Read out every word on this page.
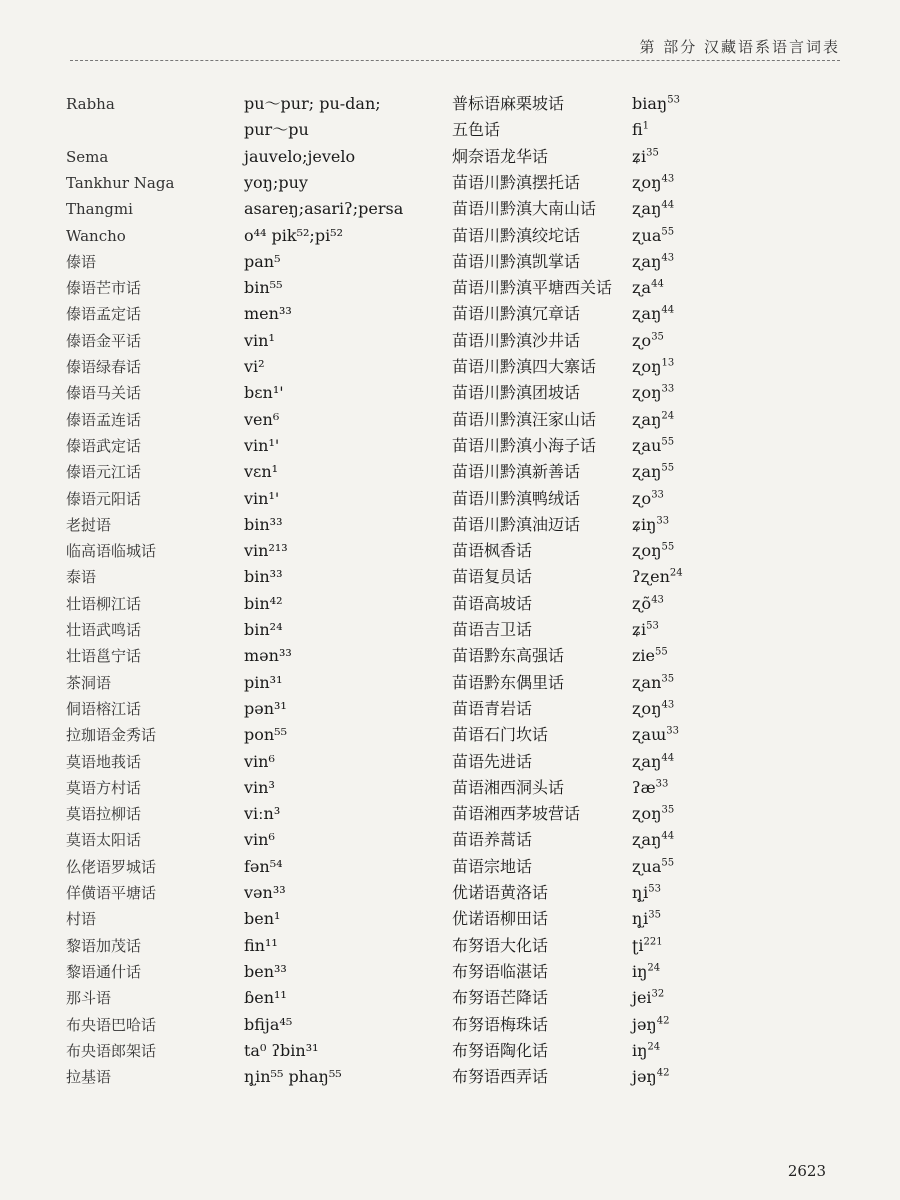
第 部分 汉藏语系语言词表
Rabha
Sema
Tankhur Naga
Thangmi
Wancho
傣语
傣语芒市话
傣语孟定话
傣语金平话
傣语绿春话
傣语马关话
傣语孟连话
傣语武定话
傣语元江话
傣语元阳话
老挝语
临高语临城话
泰语
壮语柳江话
壮语武鸣话
壮语邕宁话
茶洞语
侗语榕江话
拉珈语金秀话
莫语地莪话
莫语方村话
莫语拉柳话
莫语太阳话
仫佬语罗城话
佯僙语平塘话
村语
黎语加茂话
黎语通什话
那斗语
布央语巴哈话
布央语郎架话
拉基语
pu～pur; pu-dan;
pur～pu
jauvelo;jevelo
yoŋ;puy
asareŋ;asariʔ;persa
o⁴⁴ pik⁵²;pi⁵²
pan⁵
bin⁵⁵
men³³
vin¹
vi²
bɛn¹'
ven⁶
vin¹'
vɛn¹
vin¹'
bin³³
vin²¹³
bin³³
bin⁴²
bin²⁴
mən³³
pin³¹
pən³¹
pon⁵⁵
vin⁶
vin³
viːn³
vin⁶
fən⁵⁴
vən³³
ben¹
fin¹¹
ben³³
ɓen¹¹
bfija⁴⁵
ta⁰ ʔbin³¹
ɳ̥in⁵⁵ phaŋ⁵⁵
普标语麻栗坡话
五色话
炯奈语龙华话
苗语川黔滇摆托话
苗语川黔滇大南山话
苗语川黔滇绞坨话
苗语川黔滇凯掌话
苗语川黔滇平塘西关话
苗语川黔滇冗章话
苗语川黔滇沙井话
苗语川黔滇四大寨话
苗语川黔滇团坡话
苗语川黔滇汪家山话
苗语川黔滇小海子话
苗语川黔滇新善话
苗语川黔滇鸭绒话
苗语川黔滇油迈话
苗语枫香话
苗语复员话
苗语高坡话
苗语吉卫话
苗语黔东高强话
苗语黔东偶里话
苗语青岩话
苗语石门坎话
苗语先进话
苗语湘西洞头话
苗语湘西茅坡营话
苗语养蒿话
苗语宗地话
优诺语黄洛话
优诺语柳田话
布努语大化话
布努语临湛话
布努语芒降话
布努语梅珠话
布努语陶化话
布努语西弄话
biaŋ$^{53}$
$fi^1$
ʑi$^{35}$
ʐoŋ$^{43}$
ʐaŋ$^{44}$
ʐua$^{55}$
ʐaŋ$^{43}$
ʐa$^{44}$
ʐaŋ$^{44}$
ʐo$^{35}$
ʐoŋ$^{13}$
ʐoŋ$^{33}$
ʐaŋ$^{24}$
ʐau$^{55}$
ʐaŋ$^{55}$
ʐo$^{33}$
ʑiŋ$^{33}$
ʐoŋ$^{55}$
ʔʐen$^{24}$
ʐõ$^{43}$
ʑi$^{53}$
zie$^{55}$
ʐan$^{35}$
ʐoŋ$^{43}$
ʐaɯ$^{33}$
ʐaŋ$^{44}$
ʔæ$^{33}$
ʐoŋ$^{35}$
ʐaŋ$^{44}$
ʐua$^{55}$
$ɳ̥i^{53}$
$ɳ̥i^{35}$
ʈi$^{221}$
$iŋ^{24}$
jei$^{32}$
jəŋ$^{42}$
$iŋ^{24}$
jəŋ$^{42}$
2623
